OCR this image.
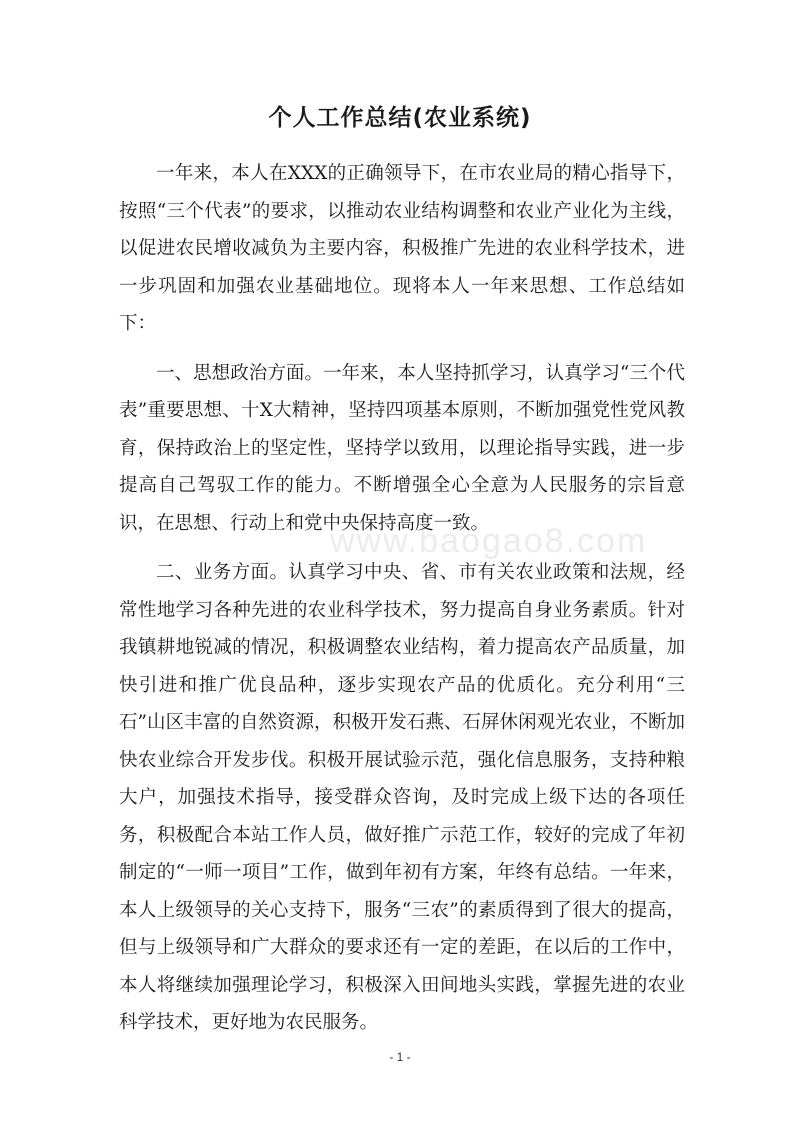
个人工作总结(农业系统)

一年来，本人在XXX的正确领导下，在市农业局的精心指导下，按照“三个代表”的要求，以推动农业结构调整和农业产业化为主线，以促进农民增收减负为主要内容，积极推广先进的农业科学技术，进一步巩固和加强农业基础地位。现将本人一年来思想、工作总结如下：

一、思想政治方面。一年来，本人坚持抓学习，认真学习“三个代表”重要思想、十X大精神，坚持四项基本原则，不断加强党性党风教育，保持政治上的坚定性，坚持学以致用，以理论指导实践，进一步提高自己驾驭工作的能力。不断增强全心全意为人民服务的宗旨意识，在思想、行动上和党中央保持高度一致。

二、业务方面。认真学习中央、省、市有关农业政策和法规，经常性地学习各种先进的农业科学技术，努力提高自身业务素质。针对我镇耕地锐减的情况，积极调整农业结构，着力提高农产品质量，加快引进和推广优良品种，逐步实现农产品的优质化。充分利用“三石”山区丰富的自然资源，积极开发石燕、石屏休闲观光农业，不断加快农业综合开发步伐。积极开展试验示范，强化信息服务，支持种粮大户，加强技术指导，接受群众咨询，及时完成上级下达的各项任务，积极配合本站工作人员，做好推广示范工作，较好的完成了年初制定的“一师一项目”工作，做到年初有方案，年终有总结。一年来，本人上级领导的关心支持下，服务“三农”的素质得到了很大的提高，但与上级领导和广大群众的要求还有一定的差距，在以后的工作中，本人将继续加强理论学习，积极深入田间地头实践，掌握先进的农业科学技术，更好地为农民服务。

www.baogao8.com
- 1 -
